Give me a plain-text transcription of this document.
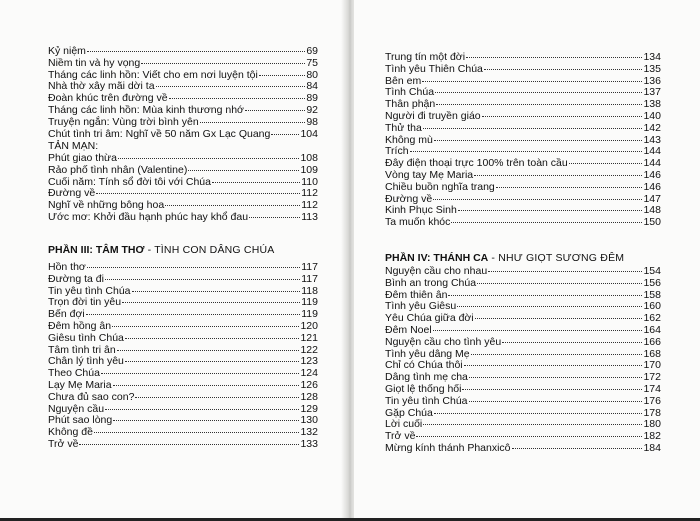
Kỷ niệm	69
Niềm tin và hy vọng	75
Tháng các linh hồn: Viết cho em nơi luyện tội	80
Nhà thờ xây mãi dời ta	84
Đoàn khúc trên đường về	89
Tháng các linh hồn: Mùa kinh thương nhớ	92
Truyện ngắn: Vùng trời bình yên	98
Chút tình tri âm: Nghĩ về 50 năm Gx Lạc Quang	104
TẢN MẠN:
Phút giao thừa	108
Rảo phố tình nhân (Valentine)	109
Cuối năm: Tính sổ đời tôi với Chúa	110
Đường về	112
Nghĩ về những bông hoa	112
Ước mơ: Khởi đầu hạnh phúc hay khổ đau	113
PHẦN III: TÂM THƠ - TÌNH CON DÂNG CHÚA
Hồn thơ	117
Đường ta đi	117
Tin yêu tình Chúa	118
Trọn đời tin yêu	119
Bến đợi	119
Đêm hồng ân	120
Giêsu tình Chúa	121
Tâm tình tri ân	122
Chân lý tình yêu	123
Theo Chúa	124
Lạy Mẹ Maria	126
Chưa đủ sao con?	128
Nguyện cầu	129
Phút sao lòng	130
Không đề	132
Trở về	133
Trung tín một đời	134
Tình yêu Thiên Chúa	135
Bên em	136
Tình Chúa	137
Thân phận	138
Người đi truyền giáo	140
Thử tha	142
Không mù	143
Trích	144
Đây điện thoại trực 100% trên toàn cầu	144
Vòng tay Mẹ Maria	146
Chiều buồn nghĩa trang	146
Đường về	147
Kinh Phục Sinh	148
Ta muốn khóc	150
PHẦN IV: THÁNH CA - NHƯ GIỌT SƯƠNG ĐÊM
Nguyện cầu cho nhau	154
Bình an trong Chúa	156
Đêm thiên ân	158
Tình yêu Giêsu	160
Yêu Chúa giữa đời	162
Đêm Noel	164
Nguyện cầu cho tình yêu	166
Tình yêu dâng Mẹ	168
Chỉ có Chúa thôi	170
Dâng tình mẹ cha	172
Giọt lệ thống hối	174
Tin yêu tình Chúa	176
Gặp Chúa	178
Lời cuối	180
Trở về	182
Mừng kính thánh Phanxicô	184
